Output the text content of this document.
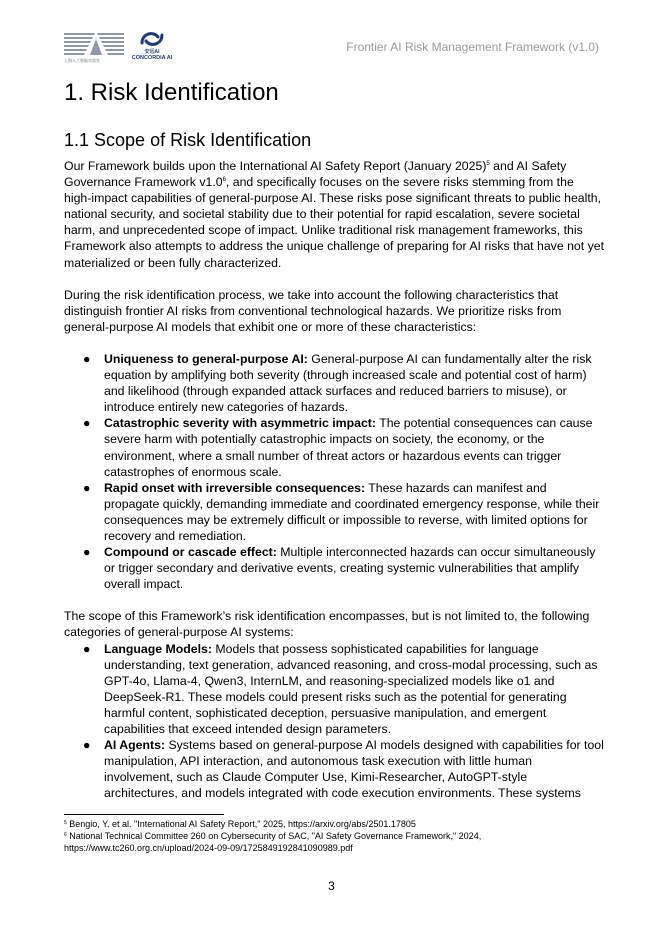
上海人工智能实验室
安远AI
CONCORDIA AI
Frontier AI Risk Management Framework (v1.0)
1. Risk Identification
1.1 Scope of Risk Identification

Our Framework builds upon the International AI Safety Report (January 2025)$^5$ and AI Safety Governance Framework $v1.0^6$, and specifically focuses on the severe risks stemming from the high-impact capabilities of general-purpose AI. These risks pose significant threats to public health, national security, and societal stability due to their potential for rapid escalation, severe societal harm, and unprecedented scope of impact. Unlike traditional risk management frameworks, this Framework also attempts to address the unique challenge of preparing for AI risks that have not yet materialized or been fully characterized.

During the risk identification process, we take into account the following characteristics that distinguish frontier AI risks from conventional technological hazards. We prioritize risks from general-purpose AI models that exhibit one or more of these characteristics:

● Uniqueness to general-purpose AI: General-purpose AI can fundamentally alter the risk equation by amplifying both severity (through increased scale and potential cost of harm) and likelihood (through expanded attack surfaces and reduced barriers to misuse), or introduce entirely new categories of hazards.
● Catastrophic severity with asymmetric impact: The potential consequences can cause severe harm with potentially catastrophic impacts on society, the economy, or the environment, where a small number of threat actors or hazardous events can trigger catastrophes of enormous scale.
● Rapid onset with irreversible consequences: These hazards can manifest and propagate quickly, demanding immediate and coordinated emergency response, while their consequences may be extremely difficult or impossible to reverse, with limited options for recovery and remediation.
● Compound or cascade effect: Multiple interconnected hazards can occur simultaneously or trigger secondary and derivative events, creating systemic vulnerabilities that amplify overall impact.

The scope of this Framework’s risk identification encompasses, but is not limited to, the following categories of general-purpose AI systems:

● Language Models: Models that possess sophisticated capabilities for language understanding, text generation, advanced reasoning, and cross-modal processing, such as GPT-4o, Llama-4, Qwen3, InternLM, and reasoning-specialized models like o1 and DeepSeek-R1. These models could present risks such as the potential for generating harmful content, sophisticated deception, persuasive manipulation, and emergent capabilities that exceed intended design parameters.
● AI Agents: Systems based on general-purpose AI models designed with capabilities for tool manipulation, API interaction, and autonomous task execution with little human involvement, such as Claude Computer Use, Kimi-Researcher, AutoGPT-style architectures, and models integrated with code execution environments. These systems
$^5$ Bengio, Y. et al. "International AI Safety Report," 2025, https://arxiv.org/abs/2501.17805
$^6$ National Technical Committee 260 on Cybersecurity of SAC, "AI Safety Governance Framework," 2024, https://www.tc260.org.cn/upload/2024-09-09/1725849192841090989.pdf
3
